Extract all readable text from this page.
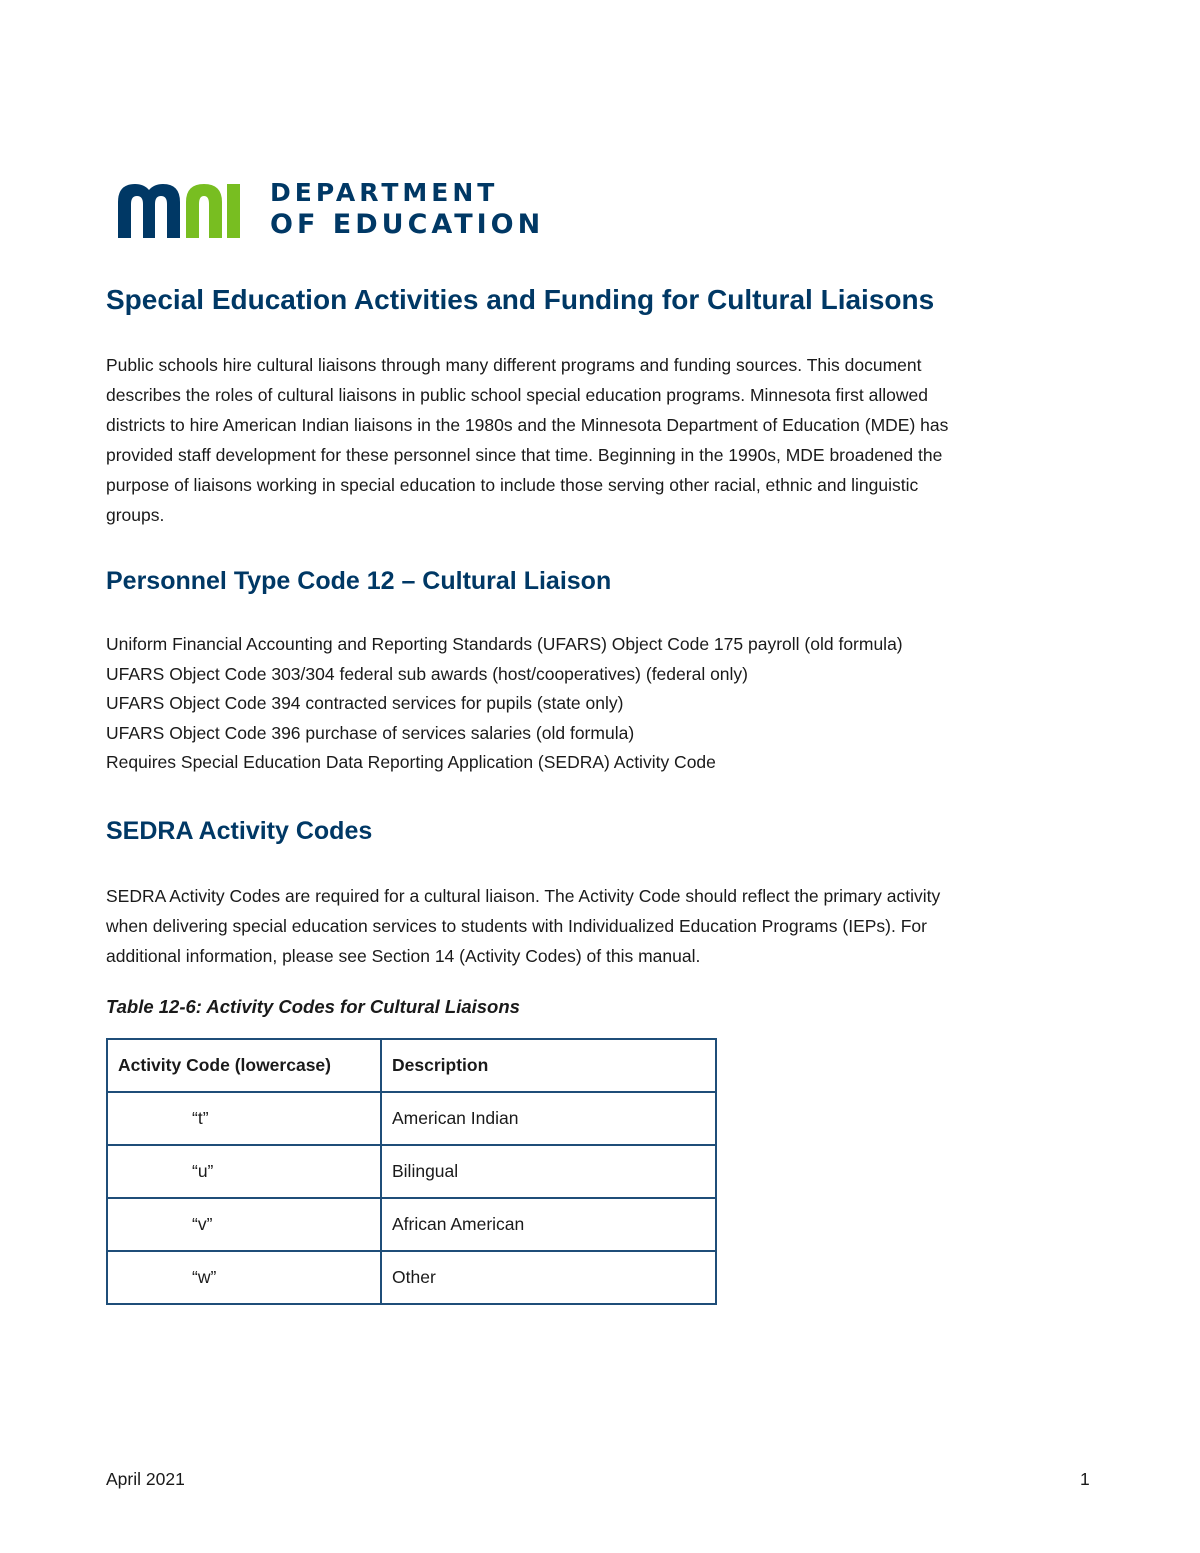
DEPARTMENT
OF EDUCATION
Special Education Activities and Funding for Cultural Liaisons

Public schools hire cultural liaisons through many different programs and funding sources. This document
describes the roles of cultural liaisons in public school special education programs. Minnesota first allowed
districts to hire American Indian liaisons in the 1980s and the Minnesota Department of Education (MDE) has
provided staff development for these personnel since that time. Beginning in the 1990s, MDE broadened the
purpose of liaisons working in special education to include those serving other racial, ethnic and linguistic
groups.

Personnel Type Code 12 – Cultural Liaison
Uniform Financial Accounting and Reporting Standards (UFARS) Object Code 175 payroll (old formula)
UFARS Object Code 303/304 federal sub awards (host/cooperatives) (federal only)
UFARS Object Code 394 contracted services for pupils (state only)
UFARS Object Code 396 purchase of services salaries (old formula)
Requires Special Education Data Reporting Application (SEDRA) Activity Code
SEDRA Activity Codes

SEDRA Activity Codes are required for a cultural liaison. The Activity Code should reflect the primary activity
when delivering special education services to students with Individualized Education Programs (IEPs). For
additional information, please see Section 14 (Activity Codes) of this manual.

Table 12-6: Activity Codes for Cultural Liaisons

Activity Code (lowercase)	Description
“t”	American Indian
“u”	Bilingual
“v”	African American
“w”	Other
April 2021	1
